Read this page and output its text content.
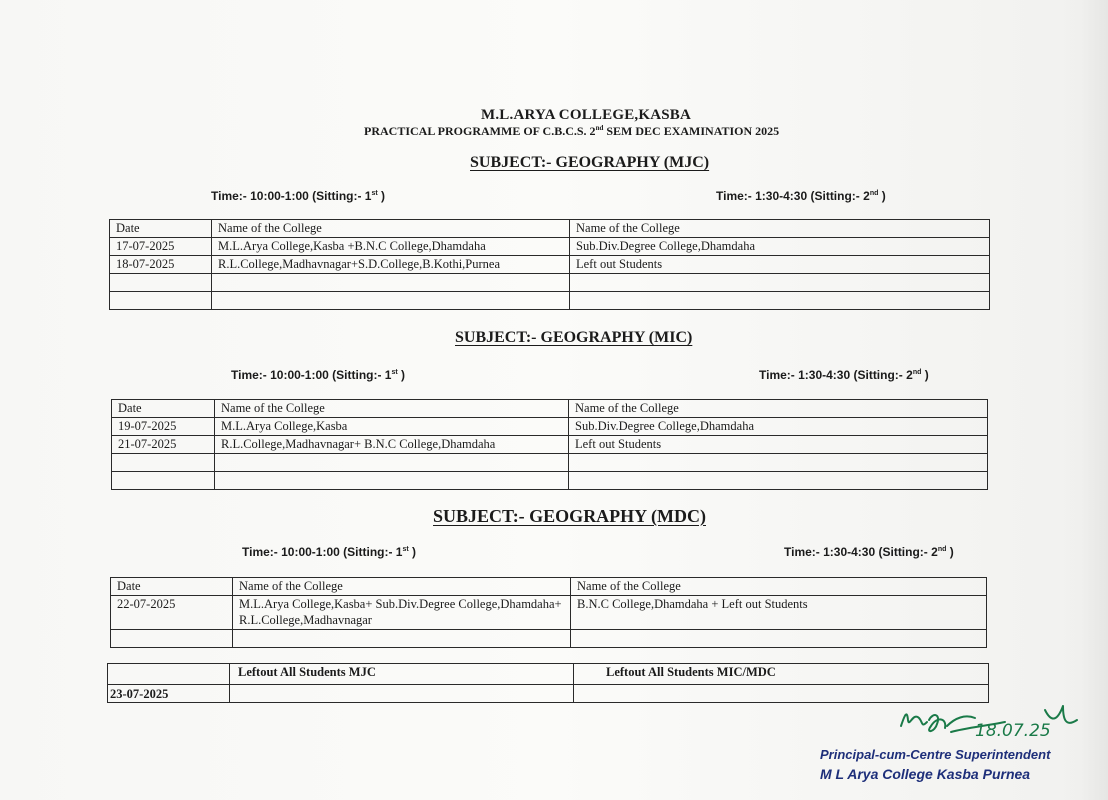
M.L.ARYA COLLEGE,KASBA
PRACTICAL PROGRAMME OF C.B.C.S. 2nd SEM DEC EXAMINATION 2025
SUBJECT:- GEOGRAPHY (MJC)
Time:- 10:00-1:00 (Sitting:- 1st )	Time:- 1:30-4:30 (Sitting:- 2nd )
Date	Name of the College	Name of the College
17-07-2025	M.L.Arya College,Kasba +B.N.C College,Dhamdaha	Sub.Div.Degree College,Dhamdaha
18-07-2025	R.L.College,Madhavnagar+S.D.College,B.Kothi,Purnea	Left out Students

SUBJECT:- GEOGRAPHY (MIC)
Time:- 10:00-1:00 (Sitting:- 1st )	Time:- 1:30-4:30 (Sitting:- 2nd )
Date	Name of the College	Name of the College
19-07-2025	M.L.Arya College,Kasba	Sub.Div.Degree College,Dhamdaha
21-07-2025	R.L.College,Madhavnagar+ B.N.C College,Dhamdaha	Left out Students

SUBJECT:- GEOGRAPHY (MDC)
Time:- 10:00-1:00 (Sitting:- 1st )	Time:- 1:30-4:30 (Sitting:- 2nd )
Date	Name of the College	Name of the College
22-07-2025	M.L.Arya College,Kasba+ Sub.Div.Degree College,Dhamdaha+ R.L.College,Madhavnagar	B.N.C College,Dhamdaha + Left out Students

	Leftout All Students MJC	Leftout All Students MIC/MDC
23-07-2025		
18.07.25
Principal-cum-Centre Superintendent
M L Arya College Kasba Purnea
